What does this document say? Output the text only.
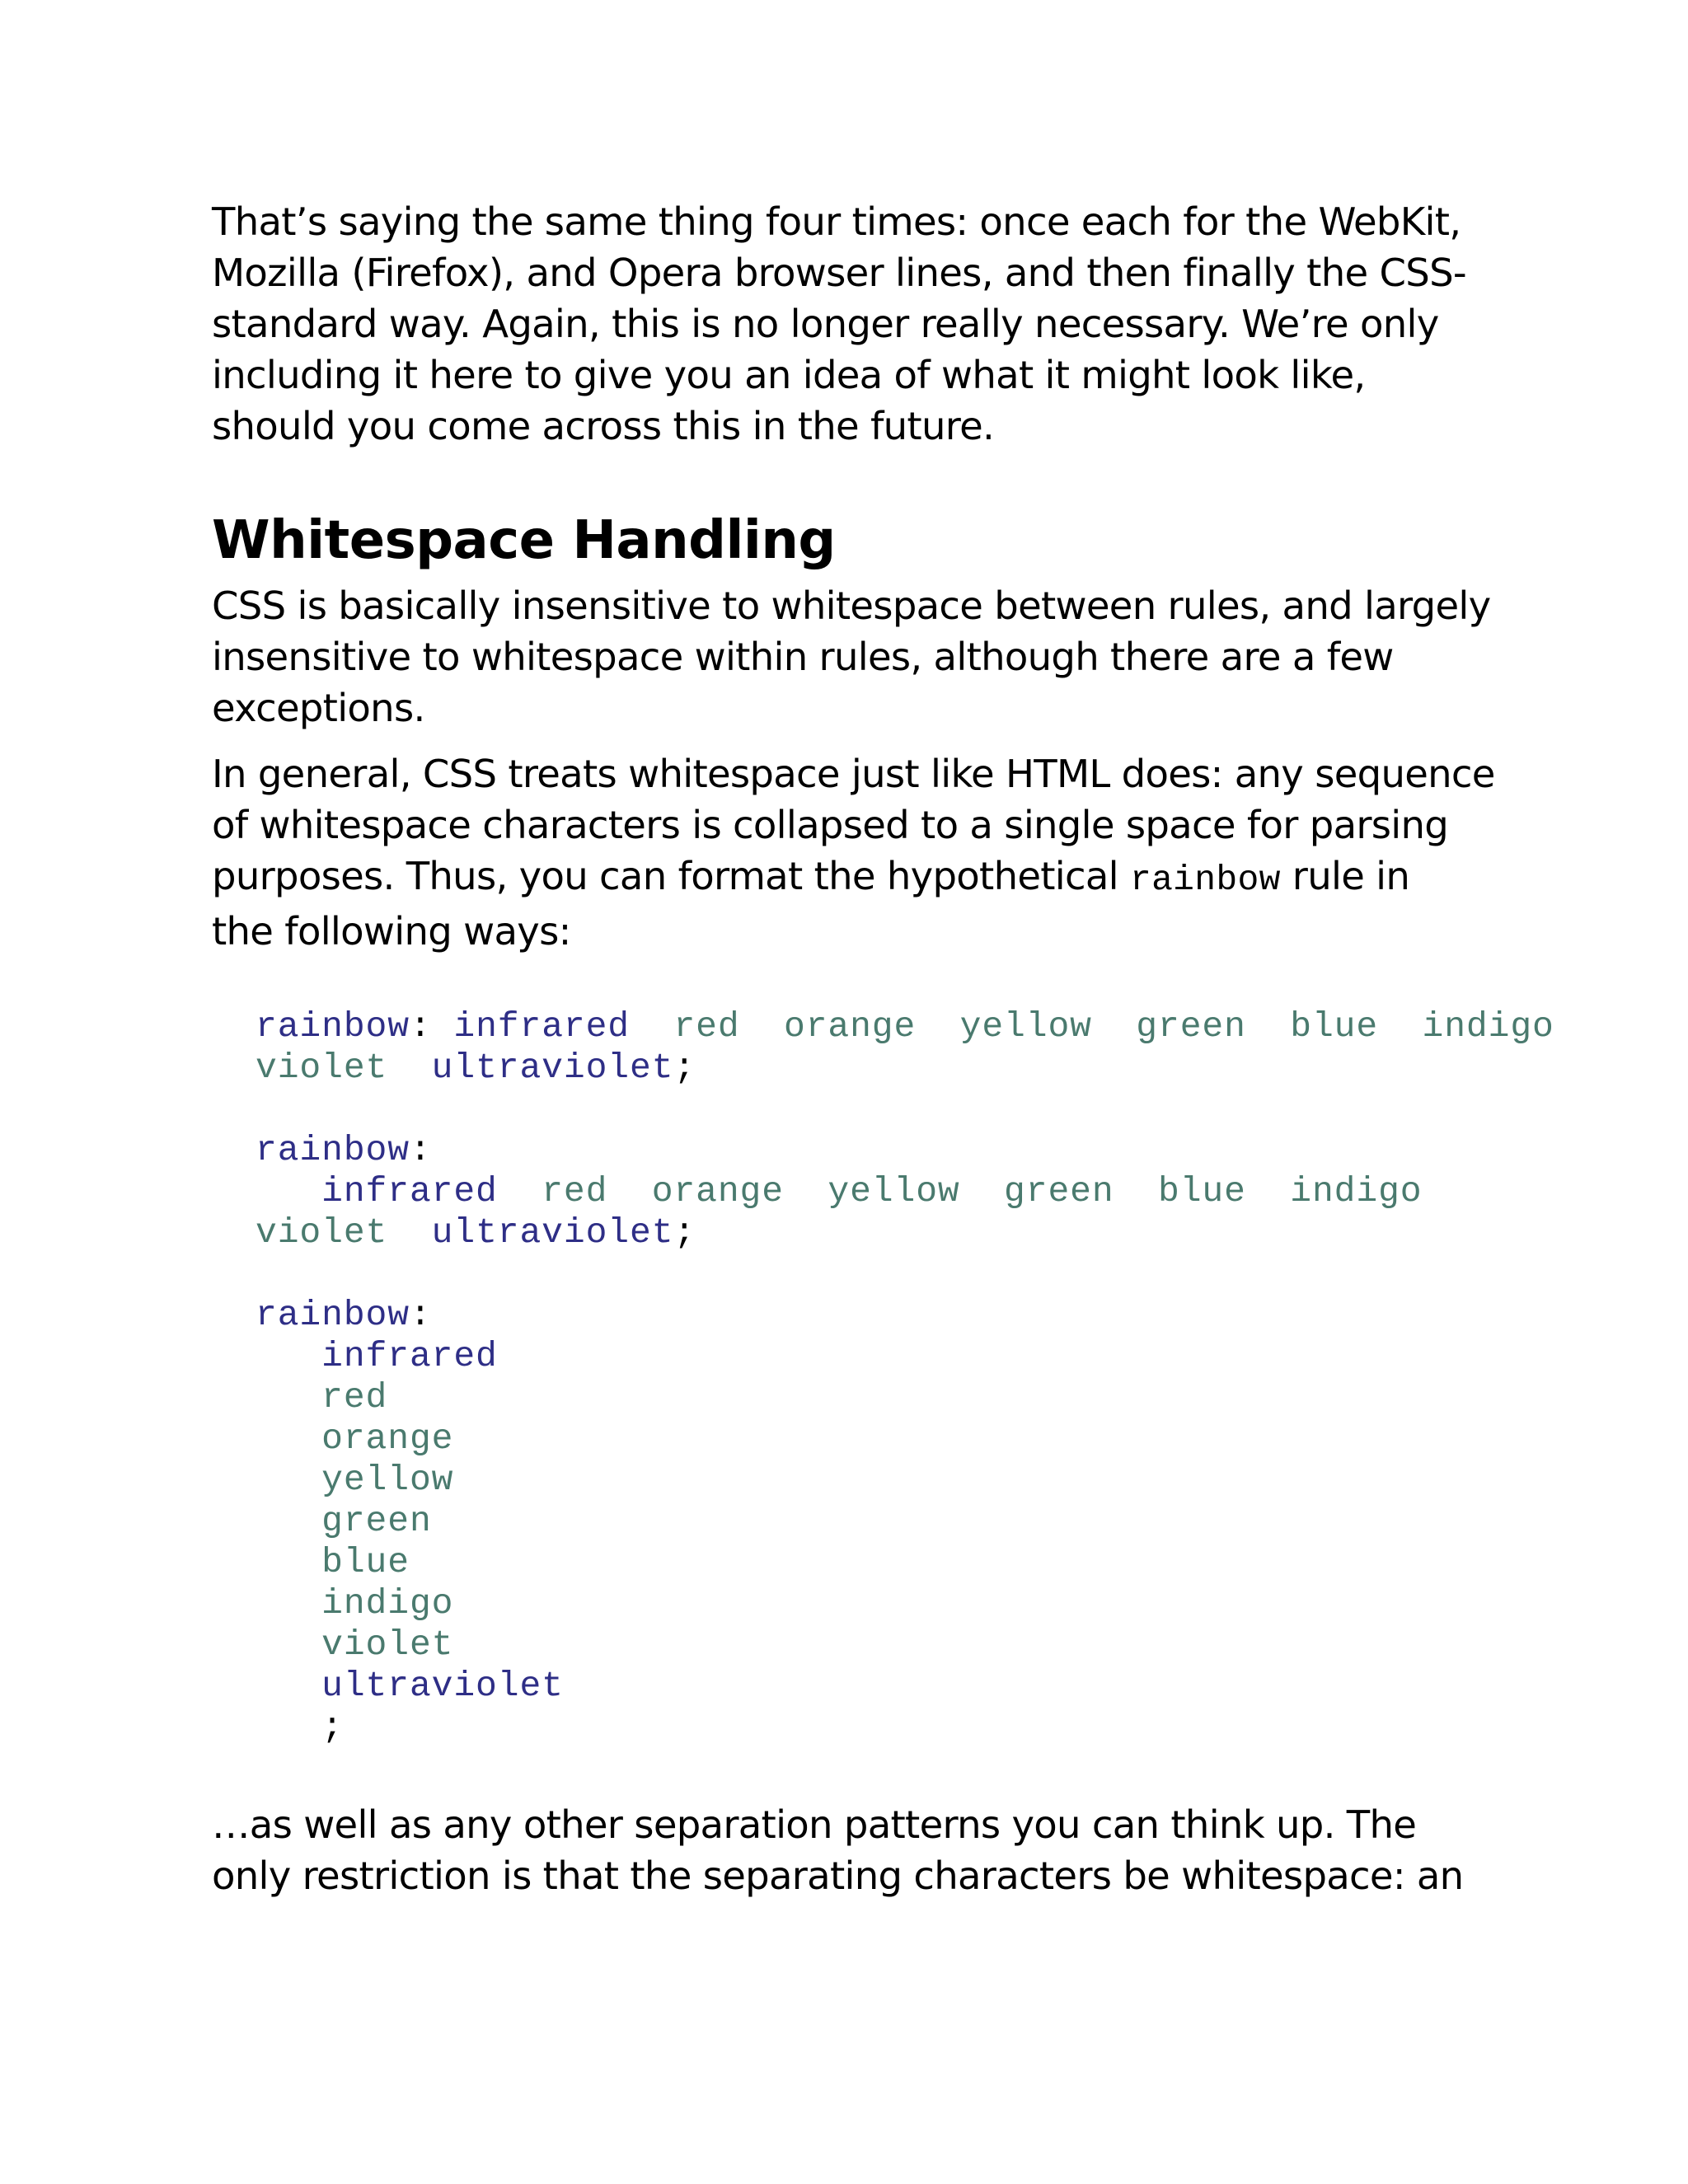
That’s saying the same thing four times: once each for the WebKit,
Mozilla (Firefox), and Opera browser lines, and then finally the CSS-
standard way. Again, this is no longer really necessary. We’re only
including it here to give you an idea of what it might look like,
should you come across this in the future.
Whitespace Handling
CSS is basically insensitive to whitespace between rules, and largely
insensitive to whitespace within rules, although there are a few
exceptions.
In general, CSS treats whitespace just like HTML does: any sequence
of whitespace characters is collapsed to a single space for parsing
purposes. Thus, you can format the hypothetical rainbow rule in
the following ways:
rainbow: infrared red orange yellow green blue indigo
violet ultraviolet;

rainbow:
infrared red orange yellow green blue indigo
violet ultraviolet;

rainbow:
infrared
red
orange
yellow
green
blue
indigo
violet
ultraviolet
;
…as well as any other separation patterns you can think up. The
only restriction is that the separating characters be whitespace: an
